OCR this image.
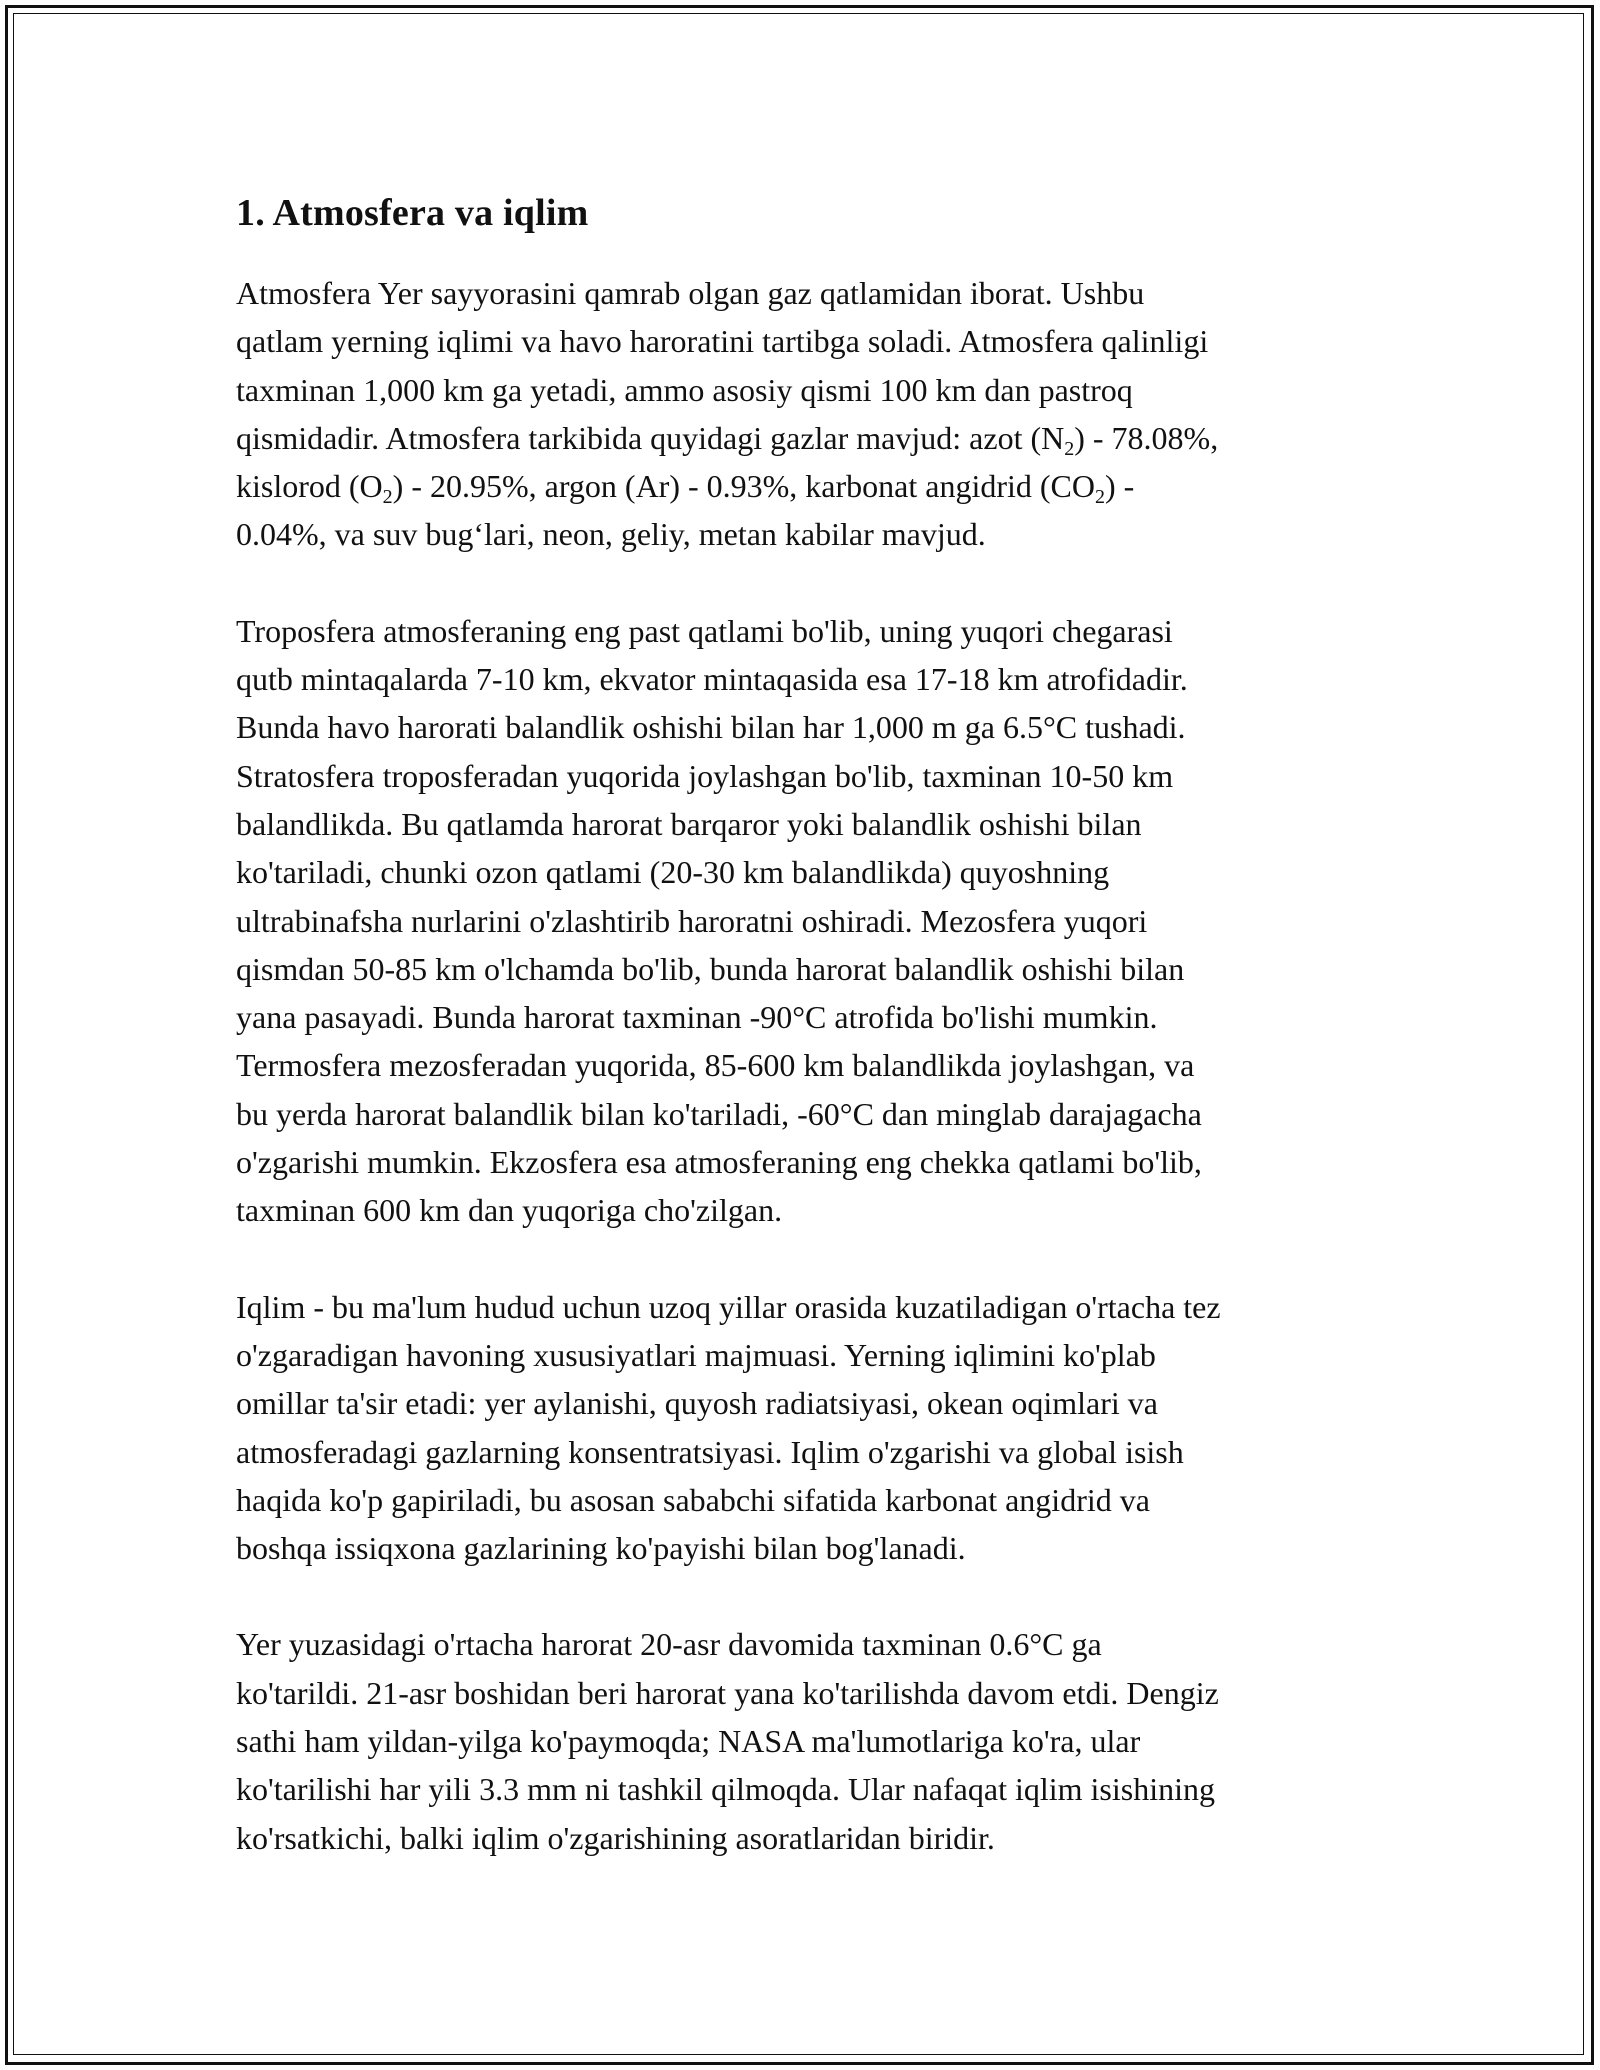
1. Atmosfera va iqlim

Atmosfera Yer sayyorasini qamrab olgan gaz qatlamidan iborat. Ushbu
qatlam yerning iqlimi va havo haroratini tartibga soladi. Atmosfera qalinligi
taxminan 1,000 km ga yetadi, ammo asosiy qismi 100 km dan pastroq
qismidadir. Atmosfera tarkibida quyidagi gazlar mavjud: azot $(N_2) - 78.08\%$,
kislorod $(O_2) - 20.95\%$, argon (Ar) - 0.93%, karbonat angidrid $(CO_2)$ -
0.04%, va suv bug‘lari, neon, geliy, metan kabilar mavjud.

Troposfera atmosferaning eng past qatlami bo'lib, uning yuqori chegarasi
qutb mintaqalarda 7-10 km, ekvator mintaqasida esa 17-18 km atrofidadir.
Bunda havo harorati balandlik oshishi bilan har 1,000 m ga 6.5°C tushadi.
Stratosfera troposferadan yuqorida joylashgan bo'lib, taxminan 10-50 km
balandlikda. Bu qatlamda harorat barqaror yoki balandlik oshishi bilan
ko'tariladi, chunki ozon qatlami (20-30 km balandlikda) quyoshning
ultrabinafsha nurlarini o'zlashtirib haroratni oshiradi. Mezosfera yuqori
qismdan 50-85 km o'lchamda bo'lib, bunda harorat balandlik oshishi bilan
yana pasayadi. Bunda harorat taxminan -90°C atrofida bo'lishi mumkin.
Termosfera mezosferadan yuqorida, 85-600 km balandlikda joylashgan, va
bu yerda harorat balandlik bilan ko'tariladi, -60°C dan minglab darajagacha
o'zgarishi mumkin. Ekzosfera esa atmosferaning eng chekka qatlami bo'lib,
taxminan 600 km dan yuqoriga cho'zilgan.

Iqlim - bu ma'lum hudud uchun uzoq yillar orasida kuzatiladigan o'rtacha tez
o'zgaradigan havoning xususiyatlari majmuasi. Yerning iqlimini ko'plab
omillar ta'sir etadi: yer aylanishi, quyosh radiatsiyasi, okean oqimlari va
atmosferadagi gazlarning konsentratsiyasi. Iqlim o'zgarishi va global isish
haqida ko'p gapiriladi, bu asosan sababchi sifatida karbonat angidrid va
boshqa issiqxona gazlarining ko'payishi bilan bog'lanadi.

Yer yuzasidagi o'rtacha harorat 20-asr davomida taxminan 0.6°C ga
ko'tarildi. 21-asr boshidan beri harorat yana ko'tarilishda davom etdi. Dengiz
sathi ham yildan-yilga ko'paymoqda; NASA ma'lumotlariga ko'ra, ular
ko'tarilishi har yili 3.3 mm ni tashkil qilmoqda. Ular nafaqat iqlim isishining
ko'rsatkichi, balki iqlim o'zgarishining asoratlaridan biridir.
